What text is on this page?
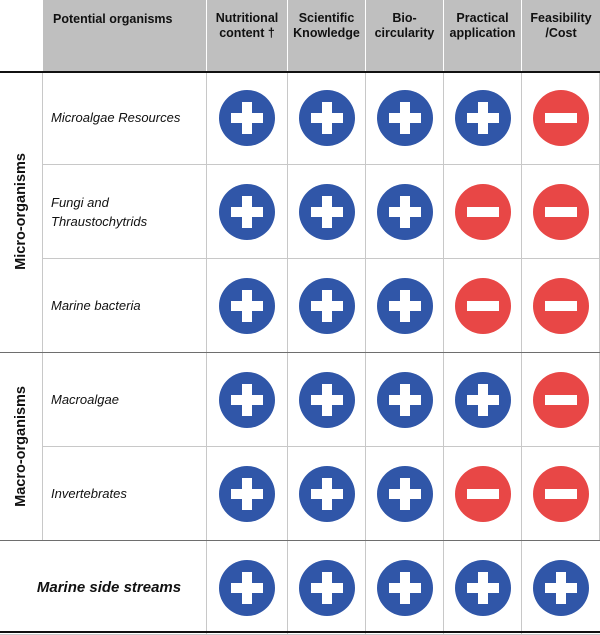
Potential organisms	Nutritional
content †
Scientific
Knowledge
Bio-
circularity
Practical
application
Feasibility
/Cost
Micro-organisms
Macro-organisms
Microalgae Resources
Fungi and
Thraustochytrids
Marine bacteria
Macroalgae
Invertebrates
Marine side streams
